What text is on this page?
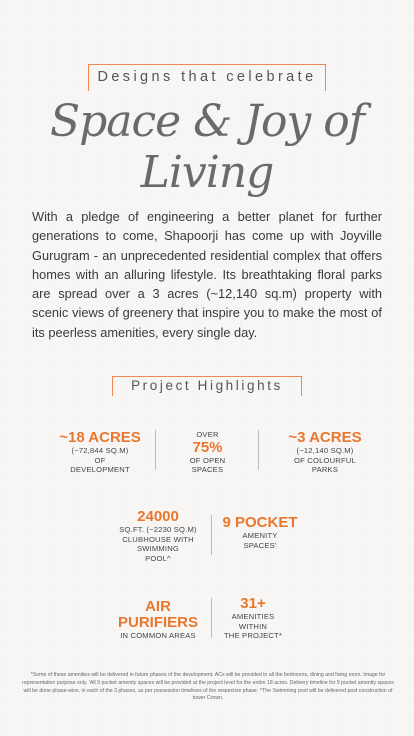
Designs that celebrate
Space & Joy of Living
With a pledge of engineering a better planet for further generations to come, Shapoorji has come up with Joyville Gurugram - an unprecedented residential complex that offers homes with an alluring lifestyle. Its breathtaking floral parks are spread over a 3 acres (~12,140 sq.m) property with scenic views of greenery that inspire you to make the most of its peerless amenities, every single day.
Project Highlights
~18 ACRES
(~72,844 SQ.M)
OF
DEVELOPMENT
OVER
75%
OF OPEN
SPACES
~3 ACRES
(~12,140 SQ.M)
OF COLOURFUL
PARKS
24000
SQ.FT. (~2230 SQ.M)
CLUBHOUSE WITH
SWIMMING
POOL^
9 POCKET
AMENITY
SPACES'
AIR
PURIFIERS
IN COMMON AREAS
31+
AMENITIES
WITHIN
THE PROJECT*
*Some of these amenities will be delivered in future phases of the development. ACs will be provided in all the bedrooms, dining and living room. Image for representation purpose only. 'All 9 pocket amenity spaces will be provided at the project level for the entire 18 acres. Delivery timeline for 9 pocket amenity spaces will be done phase-wise, in each of the 3 phases, as per possession timelines of the respective phase. ^The Swimming pool will be delivered post construction of tower Crown.
